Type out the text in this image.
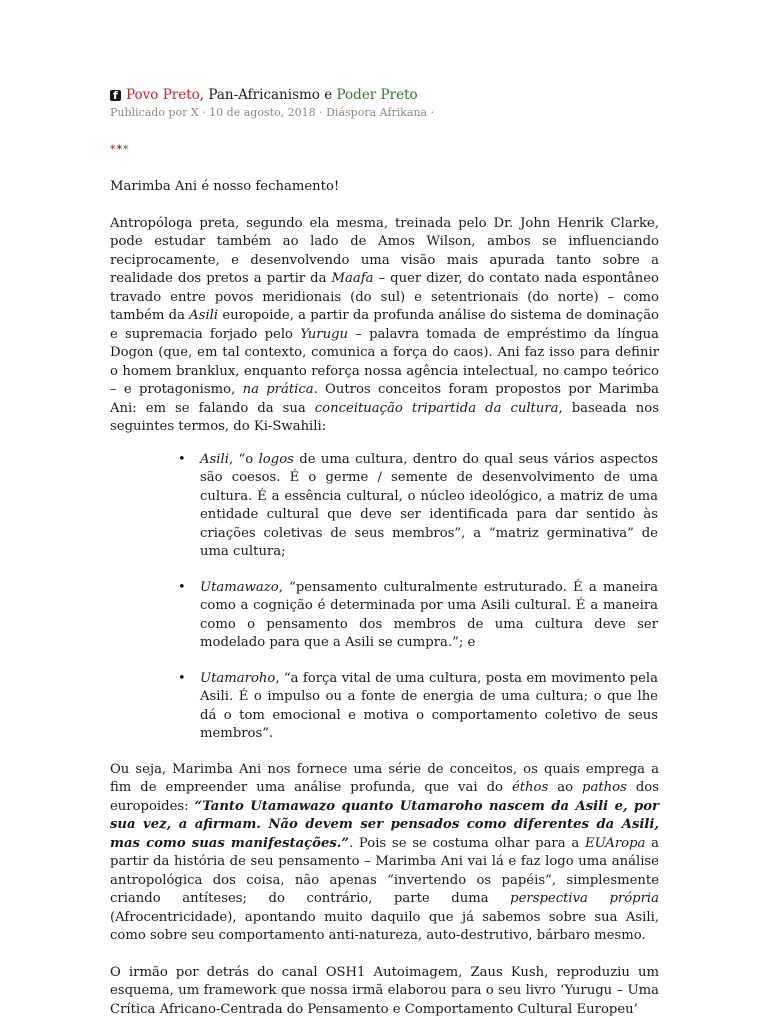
f
Povo Preto , Pan-Africanismo e Poder Preto
Publicado por X · 10 de agosto, 2018 · Diáspora Afrikana ·
***

Marimba Ani é nosso fechamento!

Antropóloga preta, segundo ela mesma, treinada pelo Dr. John Henrik Clarke, pode estudar também ao lado de Amos Wilson, ambos se influenciando reciprocamente, e desenvolvendo uma visão mais apurada tanto sobre a realidade dos pretos a partir da Maafa – quer dizer, do contato nada espontâneo travado entre povos meridionais (do sul) e setentrionais (do norte) – como também da Asili europoide, a partir da profunda análise do sistema de dominação e supremacia forjado pelo Yurugu – palavra tomada de empréstimo da língua Dogon (que, em tal contexto, comunica a força do caos). Ani faz isso para definir o homem branklux, enquanto reforça nossa agência intelectual, no campo teórico – e protagonismo, na prática. Outros conceitos foram propostos por Marimba Ani: em se falando da sua conceituação tripartida da cultura, baseada nos seguintes termos, do Ki-Swahili:

• Asili, “o logos de uma cultura, dentro do qual seus vários aspectos são coesos. É o germe / semente de desenvolvimento de uma cultura. É a essência cultural, o núcleo ideológico, a matriz de uma entidade cultural que deve ser identificada para dar sentido às criações coletivas de seus membros”, a “matriz germinativa” de uma cultura;

• Utamawazo, “pensamento culturalmente estruturado. É a maneira como a cognição é determinada por uma Asili cultural. É a maneira como o pensamento dos membros de uma cultura deve ser modelado para que a Asili se cumpra.”; e

• Utamaroho, “a força vital de uma cultura, posta em movimento pela Asili. É o impulso ou a fonte de energia de uma cultura; o que lhe dá o tom emocional e motiva o comportamento coletivo de seus membros”.

Ou seja, Marimba Ani nos fornece uma série de conceitos, os quais emprega a fim de empreender uma análise profunda, que vai do éthos ao pathos dos europoides: “Tanto Utamawazo quanto Utamaroho nascem da Asili e, por sua vez, a afirmam. Não devem ser pensados como diferentes da Asili, mas como suas manifestações.”. Pois se se costuma olhar para a EUAropa a partir da história de seu pensamento – Marimba Ani vai lá e faz logo uma análise antropológica dos coisa, não apenas “invertendo os papéis”, simplesmente criando antíteses; do contrário, parte duma perspectiva própria (Afrocentricidade), apontando muito daquilo que já sabemos sobre sua Asili, como sobre seu comportamento anti-natureza, auto-destrutivo, bárbaro mesmo.

O irmão por detrás do canal OSH1 Autoimagem, Zaus Kush, reproduziu um esquema, um framework que nossa irmã elaborou para o seu livro ‘Yurugu – Uma Crítica Africano-Centrada do Pensamento e Comportamento Cultural Europeu’
